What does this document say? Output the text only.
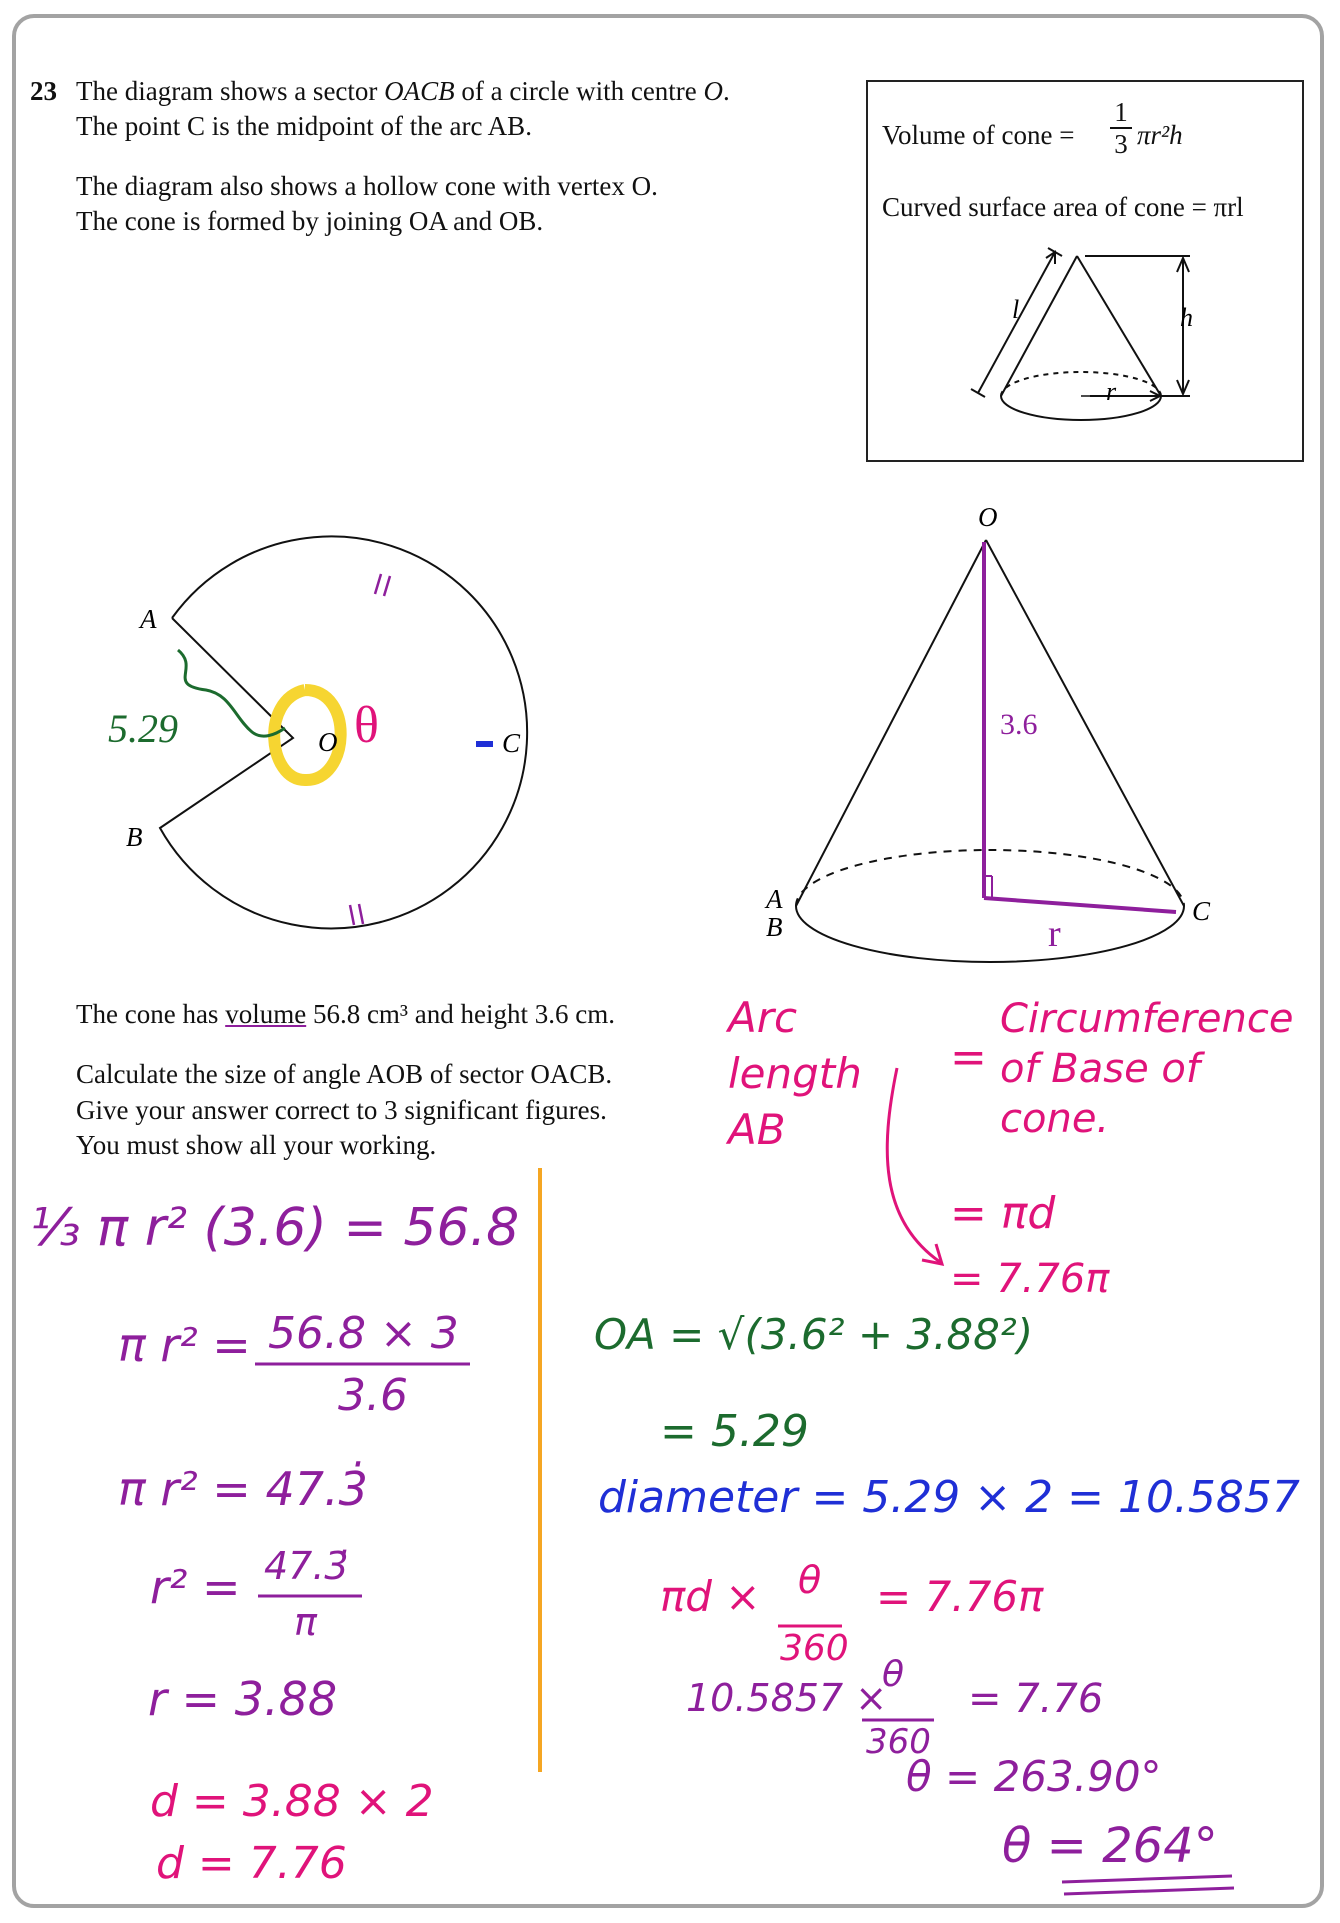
23 The diagram shows a sector OACB of a circle with centre O.
The point C is the midpoint of the arc AB.
The diagram also shows a hollow cone with vertex O.
The cone is formed by joining OA and OB.
The cone has volume 56.8 cm³ and height 3.6 cm.
Calculate the size of angle AOB of sector OACB.
Give your answer correct to 3 significant figures.
You must show all your working.
Volume of cone =
1
3 πr²h
Curved surface area of cone = πrl
l	h
r
A
B
O	C
5.29	θ
O
A
B
C
3.6
r
⅓ π r² (3.6) = 56.8
π r² = 56.8 × 3
3.6
π r² = 47.3̇
r² = 47.3̇
π
r = 3.88
d = 3.88 × 2
d = 7.76
Arc length AB
=
Circumference of Base of cone.
= πd
= 7.76π
OA = √(3.6² + 3.88²)
= 5.29
diameter = 5.29 × 2 = 10.5857
πd × θ
360
= 7.76π
10.5857 ×
θ
360
= 7.76
θ = 263.90°
θ = 264°
